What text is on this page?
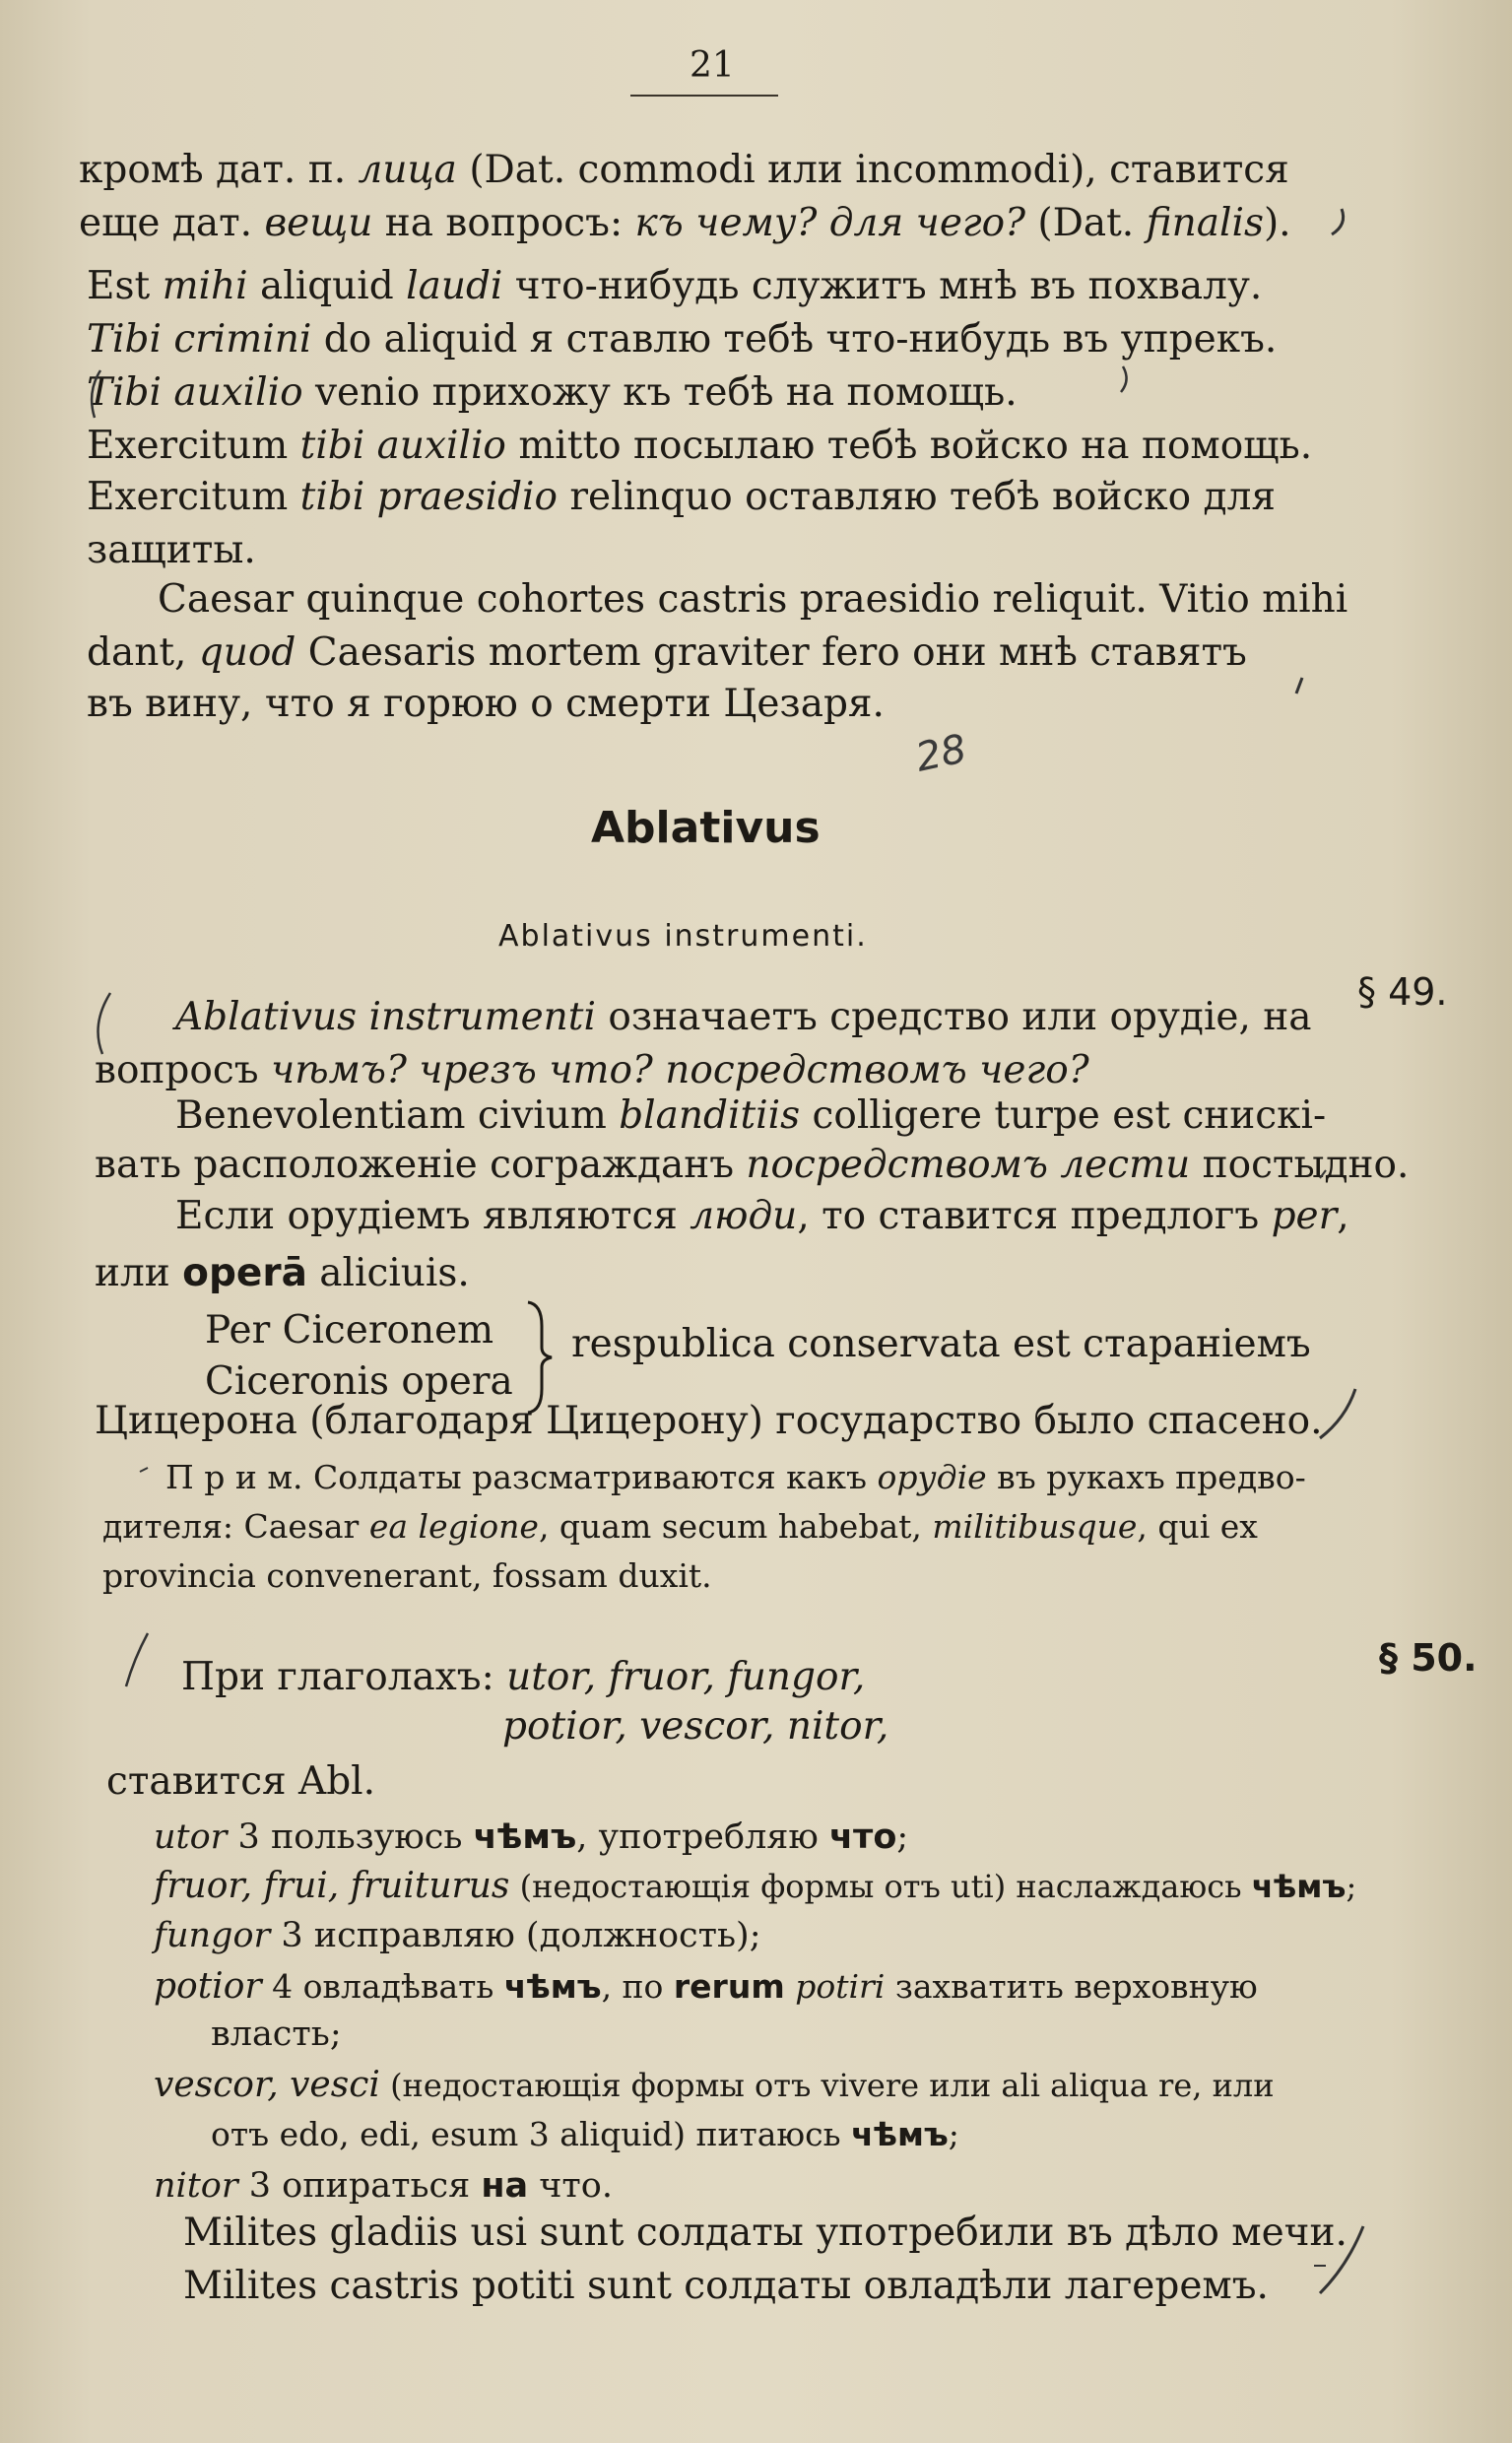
21
кромѣ дат. п. лица (Dat. commodi или incommodi), ставится
еще дат. вещи на вопросъ: къ чему? для чего? (Dat. finalis).
Est mihi aliquid laudi что-нибудь служитъ мнѣ въ похвалу.
Tibi crimini do aliquid я ставлю тебѣ что-нибудь въ упрекъ.
Tibi auxilio venio прихожу къ тебѣ на помощь.
Exercitum tibi auxilio mitto посылаю тебѣ войско на помощь.
Exercitum tibi praesidio relinquo оставляю тебѣ войско для
защиты.
Caesar quinque cohortes castris praesidio reliquit. Vitio mihi
dant, quod Caesaris mortem graviter fero они мнѣ ставятъ
въ вину, что я горюю о смерти Цезаря.
Ablativus
Ablativus instrumenti.
§ 49.
Ablativus instrumenti означаетъ средство или орудіе, на
вопросъ чѣмъ? чрезъ что? посредствомъ чего?
Benevolentiam civium blanditiis colligere turpe est снискі-
вать расположеніе согражданъ посредствомъ лести постыдно.
Если орудіемъ являются люди, то ставится предлогъ per,
или operā aliciuis.
Per Ciceronem
Ciceronis opera
respublica conservata est стараніемъ
Цицерона (благодаря Цицерону) государство было спасено.
П р и м. Солдаты разсматриваются какъ орудіе въ рукахъ предво-
дителя: Caesar ea legione, quam secum habebat, militibusque, qui ex
provincia convenerant, fossam duxit.
§ 50.
При глаголахъ: utor, fruor, fungor,
potior, vescor, nitor,
ставится Abl.
utor 3 пользуюсь чѣмъ, употребляю что;
fruor, frui, fruiturus (недостающія формы отъ uti) наслаждаюсь чѣмъ;
fungor 3 исправляю (должность);
potior 4 овладѣвать чѣмъ, по rerum potiri захватить верховную
власть;
vescor, vesci (недостающія формы отъ vivere или ali aliqua re, или
отъ edo, edi, esum 3 aliquid) питаюсь чѣмъ;
nitor 3 опираться на что.
Milites gladiis usi sunt солдаты употребили въ дѣло мечи.
Milites castris potiti sunt солдаты овладѣли лагеремъ.
28
